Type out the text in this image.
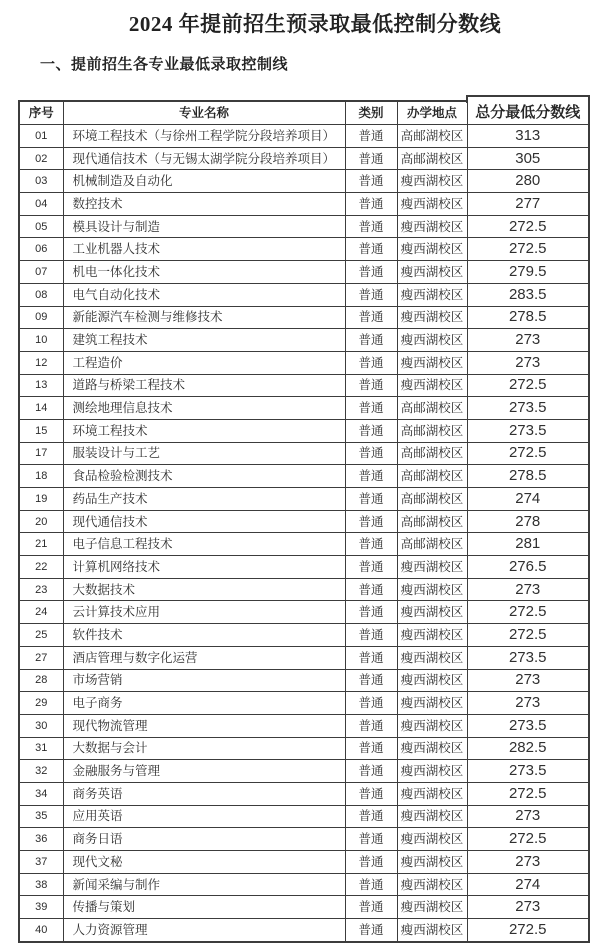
2024 年提前招生预录取最低控制分数线
一、提前招生各专业最低录取控制线
序号	专业名称	类别	办学地点	总分最低分数线
01	环境工程技术（与徐州工程学院分段培养项目）	普通	高邮湖校区	313
02	现代通信技术（与无锡太湖学院分段培养项目）	普通	高邮湖校区	305
03	机械制造及自动化	普通	瘦西湖校区	280
04	数控技术	普通	瘦西湖校区	277
05	模具设计与制造	普通	瘦西湖校区	272.5
06	工业机器人技术	普通	瘦西湖校区	272.5
07	机电一体化技术	普通	瘦西湖校区	279.5
08	电气自动化技术	普通	瘦西湖校区	283.5
09	新能源汽车检测与维修技术	普通	瘦西湖校区	278.5
10	建筑工程技术	普通	瘦西湖校区	273
12	工程造价	普通	瘦西湖校区	273
13	道路与桥梁工程技术	普通	瘦西湖校区	272.5
14	测绘地理信息技术	普通	高邮湖校区	273.5
15	环境工程技术	普通	高邮湖校区	273.5
17	服装设计与工艺	普通	高邮湖校区	272.5
18	食品检验检测技术	普通	高邮湖校区	278.5
19	药品生产技术	普通	高邮湖校区	274
20	现代通信技术	普通	高邮湖校区	278
21	电子信息工程技术	普通	高邮湖校区	281
22	计算机网络技术	普通	瘦西湖校区	276.5
23	大数据技术	普通	瘦西湖校区	273
24	云计算技术应用	普通	瘦西湖校区	272.5
25	软件技术	普通	瘦西湖校区	272.5
27	酒店管理与数字化运营	普通	瘦西湖校区	273.5
28	市场营销	普通	瘦西湖校区	273
29	电子商务	普通	瘦西湖校区	273
30	现代物流管理	普通	瘦西湖校区	273.5
31	大数据与会计	普通	瘦西湖校区	282.5
32	金融服务与管理	普通	瘦西湖校区	273.5
34	商务英语	普通	瘦西湖校区	272.5
35	应用英语	普通	瘦西湖校区	273
36	商务日语	普通	瘦西湖校区	272.5
37	现代文秘	普通	瘦西湖校区	273
38	新闻采编与制作	普通	瘦西湖校区	274
39	传播与策划	普通	瘦西湖校区	273
40	人力资源管理	普通	瘦西湖校区	272.5
